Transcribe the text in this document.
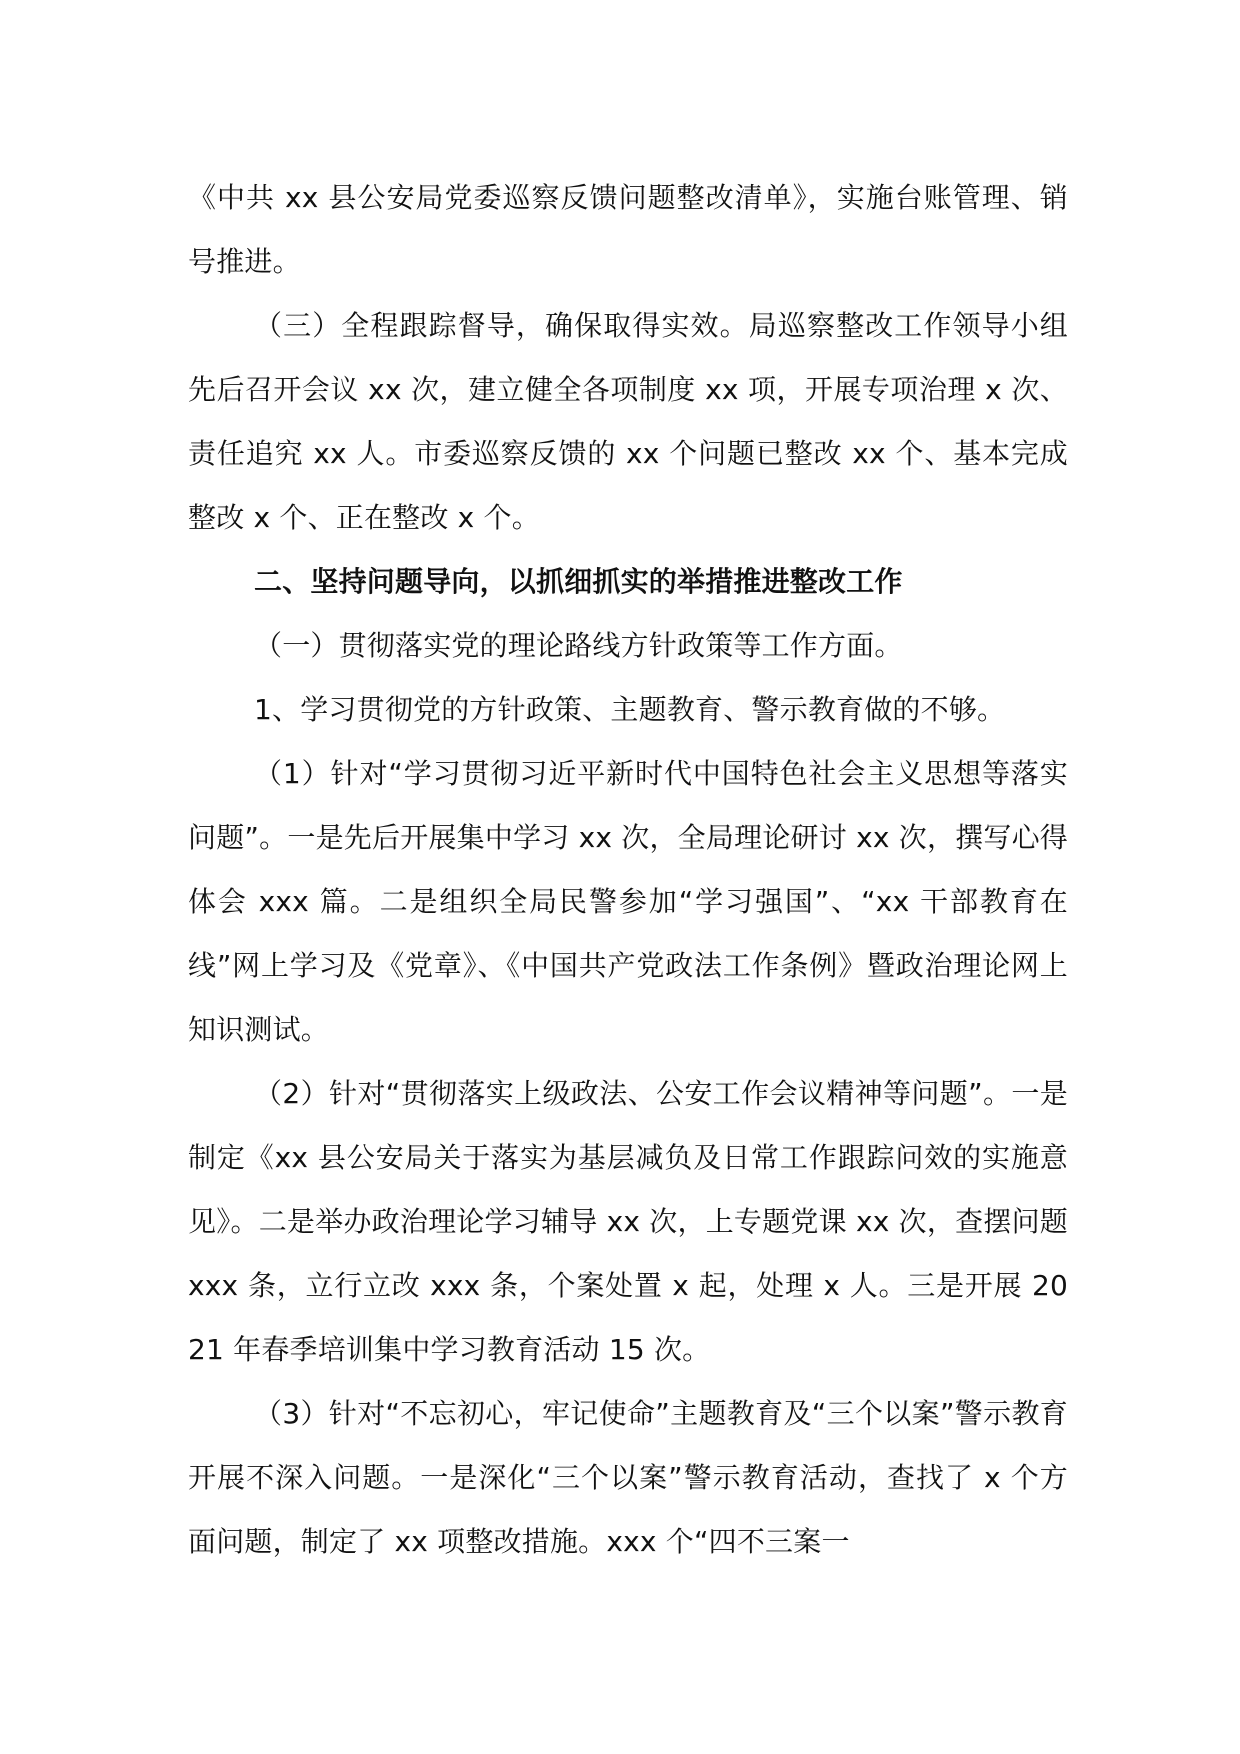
《中共 xx 县公安局党委巡察反馈问题整改清单》，实施台账管理、销号推进。

（三）全程跟踪督导，确保取得实效。局巡察整改工作领导小组先后召开会议 xx 次，建立健全各项制度 xx 项，开展专项治理 x 次、责任追究 xx 人。市委巡察反馈的 xx 个问题已整改 xx 个、基本完成整改 x 个、正在整改 x 个。

二、坚持问题导向，以抓细抓实的举措推进整改工作

（一）贯彻落实党的理论路线方针政策等工作方面。

1、学习贯彻党的方针政策、主题教育、警示教育做的不够。

（1）针对“学习贯彻习近平新时代中国特色社会主义思想等落实问题”。一是先后开展集中学习 xx 次，全局理论研讨 xx 次，撰写心得体会 xxx 篇。二是组织全局民警参加“学习强国”、“xx 干部教育在线”网上学习及《党章》、《中国共产党政法工作条例》暨政治理论网上知识测试。

（2）针对“贯彻落实上级政法、公安工作会议精神等问题”。一是制定《xx 县公安局关于落实为基层减负及日常工作跟踪问效的实施意见》。二是举办政治理论学习辅导 xx 次，上专题党课 xx 次，查摆问题 xxx 条，立行立改 xxx 条，个案处置 x 起，处理 x 人。三是开展 2021 年春季培训集中学习教育活动 15 次。

（3）针对“不忘初心，牢记使命”主题教育及“三个以案”警示教育开展不深入问题。一是深化“三个以案”警示教育活动，查找了 x 个方面问题，制定了 xx 项整改措施。xxx 个“四不三案一
